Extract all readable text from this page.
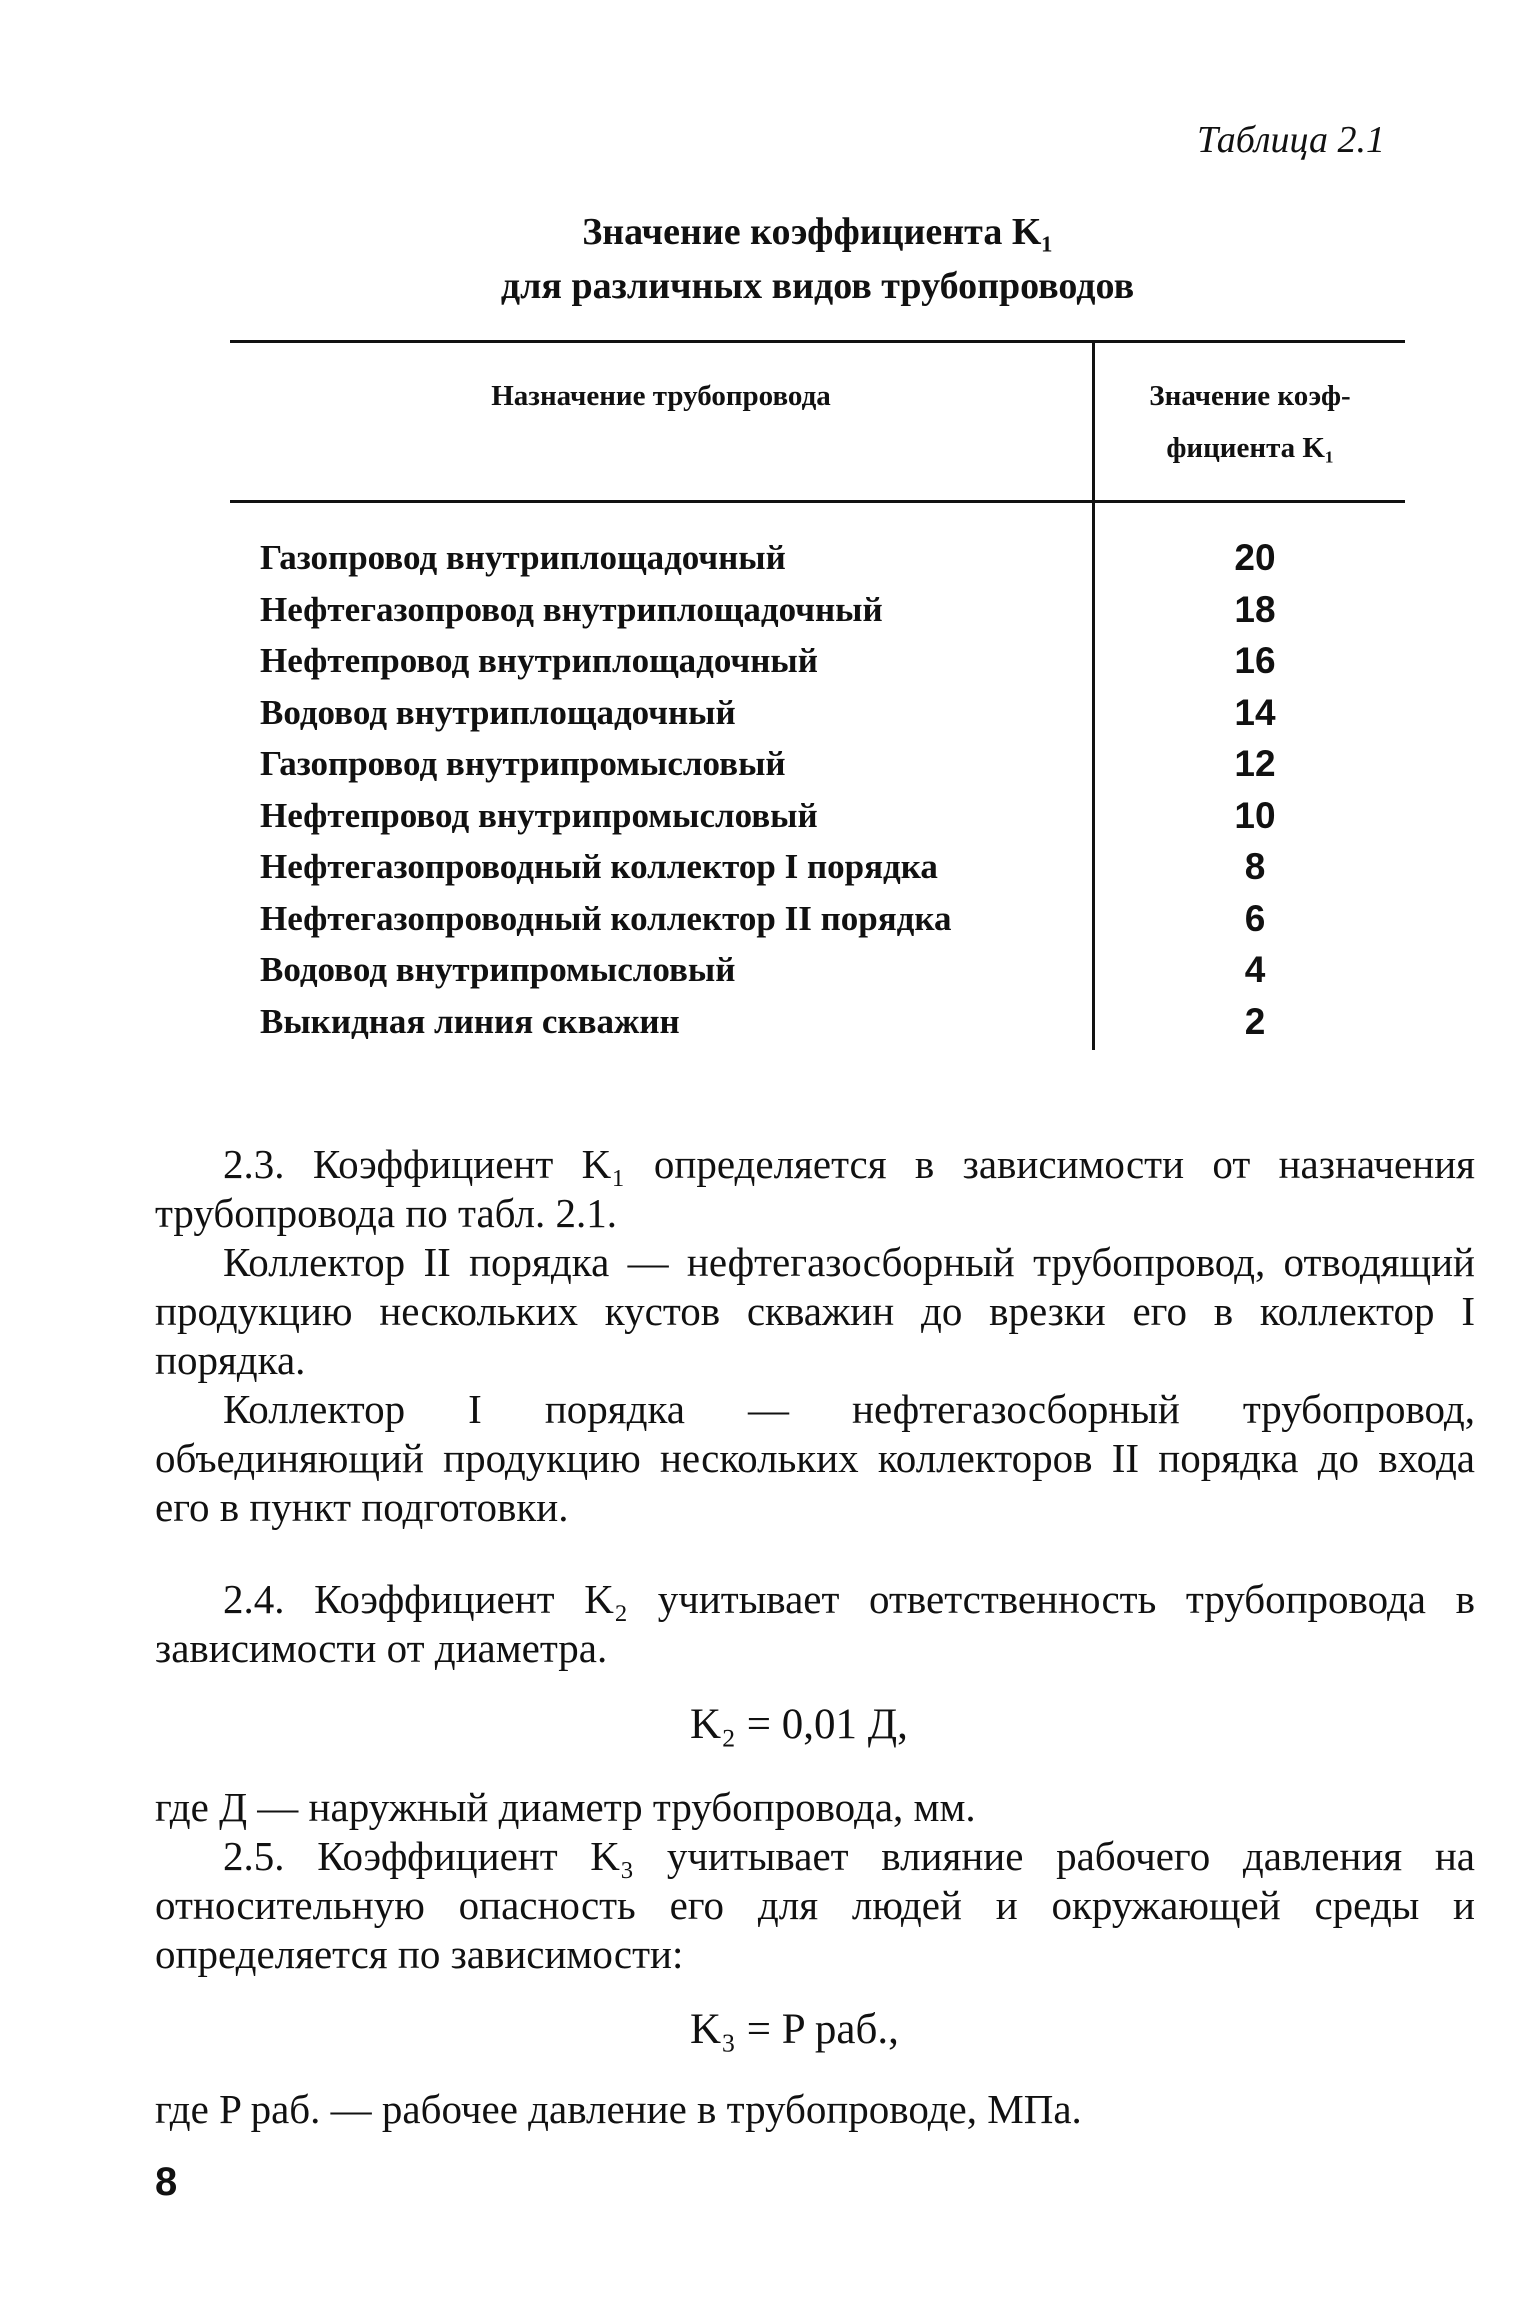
Таблица 2.1
Значение коэффициента K₁
для различных видов трубопроводов
Назначение трубопровода	Значение коэф-
фициента K₁
Газопровод внутриплощадочный	20
Нефтегазопровод внутриплощадочный	18
Нефтепровод внутриплощадочный	16
Водовод внутриплощадочный	14
Газопровод внутрипромысловый	12
Нефтепровод внутрипромысловый	10
Нефтегазопроводный коллектор I порядка	8
Нефтегазопроводный коллектор II порядка	6
Водовод внутрипромысловый	4
Выкидная линия скважин	2

2.3. Коэффициент K₁ определяется в зависимости от назначения трубопровода по табл. 2.1.

Коллектор II порядка — нефтегазосборный трубопровод, отводящий продукцию нескольких кустов скважин до врезки его в коллектор I порядка.

Коллектор I порядка — нефтегазосборный трубопровод, объединяющий продукцию нескольких коллекторов II порядка до входа его в пункт подготовки.

2.4. Коэффициент K₂ учитывает ответственность трубопровода в зависимости от диаметра.

K₂ = 0,01 Д,

где Д — наружный диаметр трубопровода, мм.

2.5. Коэффициент K₃ учитывает влияние рабочего давления на относительную опасность его для людей и окружающей среды и определяется по зависимости:

K₃ = P раб.,

где P раб. — рабочее давление в трубопроводе, МПа.

8
